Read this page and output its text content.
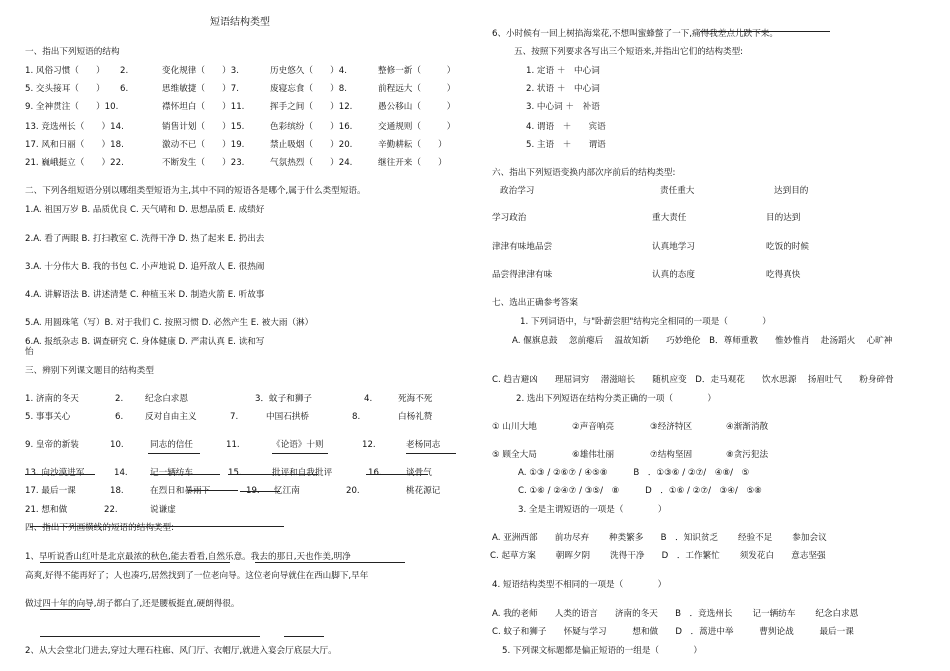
短语结构类型
一、指出下列短语的结构
1. 风俗习惯（　　） 2.	变化规律（　　）3.	历史悠久（　　）4.	整修一新（　　　）
5. 交头接耳（　　） 6.	思维敏捷（　　）7.	废寝忘食（　　）8.	前程远大（　　　）
9. 全神贯注（　　）10.	襟怀坦白（　　）11.	挥手之间（　　）12.	愚公移山（　　　）
13. 竞选州长（　　）14.	销售计划（　　）15.	色彩缤纷（　　）16.	交通规则（　　　）
17. 风和日丽（　　）18.	激动不已（　　）19.	禁止吸烟（　　）20.	辛勤耕耘（　　）
21. 巍峨挺立（　　）22.	不断发生（　　）23.	气氛热烈（　　）24.	继往开来（　　）
二、下列各组短语分别以哪组类型短语为主,其中不同的短语各是哪个,属于什么类型短语。
1.A. 祖国万岁 B. 品质优良 C. 天气晴和 D. 思想品质 E. 成绩好
2.A. 看了两眼 B. 打扫教室 C. 洗得干净 D. 热了起来 E. 扔出去
3.A. 十分伟大 B. 我的书包 C. 小声地说 D. 追歼敌人 E. 很热闹
4.A. 讲解语法 B. 讲述清楚 C. 种植玉米 D. 制造火箭 E. 听故事
5.A. 用圆珠笔（写）B. 对于我们 C. 按照习惯 D. 必然产生 E. 被大雨（淋）
6.A. 报纸杂志 B. 调查研究 C. 身体健康 D. 严肃认真 E. 读和写
怡
三、辨别下列课文题目的结构类型
1. 济南的冬天	2.	纪念白求恩	3．蚊子和狮子	4.	死海不死
5. 事事关心	6.	反对自由主义	7.	中国石拱桥	8.	白杨礼赞
9. 皇帝的新装	10.	同志的信任	11.	《论语》十则	12.	老杨同志
13. 向沙漠进军	14.	记一辆纺车	15.	批评和自我批评	16.	谈骨气
17. 最后一课	18.	在烈日和暴雨下	19. 忆江南	20.	桃花源记
21. 想和做	22.	说谦虚
四、指出下列画横线的短语的结构类型:
1、早听说香山红叶是北京最浓的秋色,能去看看,自然乐意。我去的那日,天也作美,明净
高爽,好得不能再好了；人也凑巧,居然找到了一位老向导。这位老向导就住在西山脚下,早年
做过四十年的向导,胡子都白了,还是腰板挺直,硬朗得很。
2、从大会堂北门进去,穿过大理石柱廊、风门厅、衣帽厅,就进入宴会厅底层大厅。
6、小时候有一回上树掐海棠花,不想叫蜜蜂螫了一下,痛得我差点儿跌下来。
五、按照下列要求各写出三个短语来,并指出它们的结构类型:
1. 定语 ＋　中心词
2. 状语 ＋　中心词
3. 中心词 ＋　补语
4. 谓语　＋　　宾语
5. 主语　＋　　谓语
六、指出下列短语变换内部次序前后的结构类型:
政治学习	责任重大	达到目的
学习政治	重大责任	目的达到
津津有味地品尝	认真地学习	吃饭的时候
品尝得津津有味	认真的态度	吃得真快
七、选出正确参考答案
1. 下列词语中，与"卧薪尝胆"结构完全相同的一项是（　　　　）
A. 偃旗息鼓　 忽前瘪后　 温故知新　　巧妙绝伦　B．尊师重教　　惟妙惟肖　 赴汤蹈火　 心旷神
C. 趋吉避凶　　理屈词穷　 潜滋暗长　　随机应变　D．走马观花　　饮水思源　 扬眉吐气　　粉身碎骨
2. 选出下列短语在结构分类正确的一项（　　　　）
① 山川大地	②声音响亮	③经济特区	④渐渐消散
⑤ 顾全大局	⑥雄伟壮丽	⑦结构坚固	⑧贪污犯法
A. ①③ / ②⑥⑦ / ④⑤⑧　　　B　．①③⑥ / ②⑦/　④⑧/　⑤
C. ①⑥ / ②④⑦ / ③⑤/　⑧　　　D　．①⑥ / ②⑦/　③④/　⑤⑧
3. 全是主谓短语的一项是（　　　　）
A. 亚洲西部　　前功尽弃　　 种类繁多　　B　．知识贫乏　　 经验不足　　 参加会议
C. 起草方案　　 朝晖夕阴　　 洗得干净　　D　．工作繁忙　　 须发花白　　意志坚强
4. 短语结构类型不相同的一项是（　　　　）
A. 我的老师　　人类的语言　　济南的冬天　　B　．竞选州长　　 记一辆纺车　　 纪念白求恩
C. 蚊子和狮子　　怀疑与学习　　　想和做　　D　．蒿进中举　　　曹刿论战　　　最后一课
5. 下列课文标题都是偏正短语的一组是（　　　　）
